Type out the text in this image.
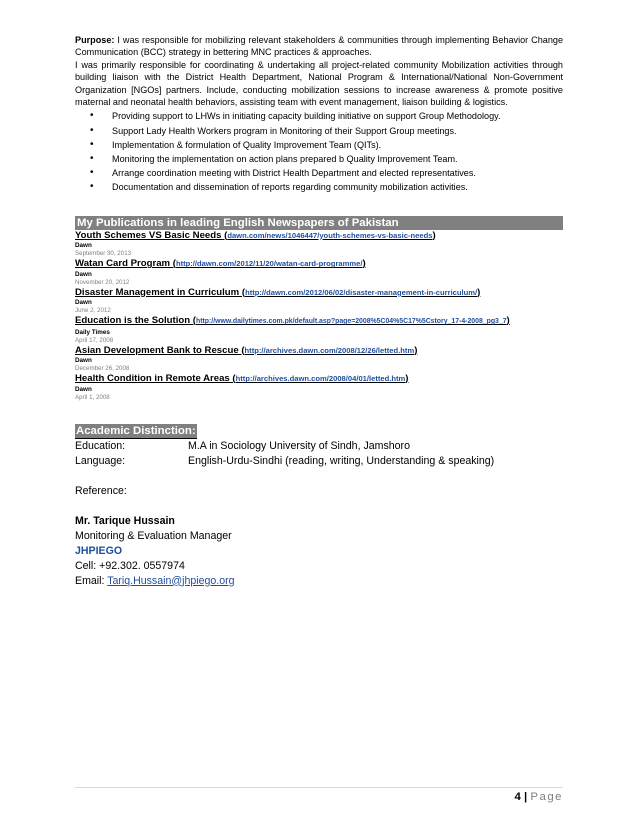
Purpose: I was responsible for mobilizing relevant stakeholders & communities through implementing Behavior Change Communication (BCC) strategy in bettering MNC practices & approaches.
I was primarily responsible for coordinating & undertaking all project-related community Mobilization activities through building liaison with the District Health Department, National Program & International/National Non-Government Organization [NGOs] partners. Include, conducting mobilization sessions to increase awareness & promote positive maternal and neonatal health behaviors, assisting team with event management, liaison building & logistics.
• Providing support to LHWs in initiating capacity building initiative on support Group Methodology.
• Support Lady Health Workers program in Monitoring of their Support Group meetings.
• Implementation & formulation of Quality Improvement Team (QITs).
• Monitoring the implementation on action plans prepared b Quality Improvement Team.
• Arrange coordination meeting with District Health Department and elected representatives.
• Documentation and dissemination of reports regarding community mobilization activities.
My Publications in leading English Newspapers of Pakistan
Youth Schemes VS Basic Needs (dawn.com/news/1046447/youth-schemes-vs-basic-needs)
Dawn
September 30, 2013
Watan Card Program (http://dawn.com/2012/11/20/watan-card-programme/)
Dawn
November 20, 2012
Disaster Management in Curriculum (http://dawn.com/2012/06/02/disaster-management-in-curriculum/)
Dawn
June 2, 2012
Education is the Solution (http://www.dailytimes.com.pk/default.asp?page=2008%5C04%5C17%5Cstory_17-4-2008_pg3_7)
Daily Times
April 17, 2008
Asian Development Bank to Rescue (http://archives.dawn.com/2008/12/26/letted.htm)
Dawn
December 26, 2008
Health Condition in Remote Areas (http://archives.dawn.com/2008/04/01/letted.htm)
Dawn
April 1, 2008
Academic Distinction:
Education:	M.A in Sociology University of Sindh, Jamshoro
Language:	English-Urdu-Sindhi (reading, writing, Understanding & speaking)
Reference:
Mr. Tarique Hussain
Monitoring & Evaluation Manager
JHPIEGO
Cell: +92.302. 0557974
Email: Tariq.Hussain@jhpiego.org
4 | Page
